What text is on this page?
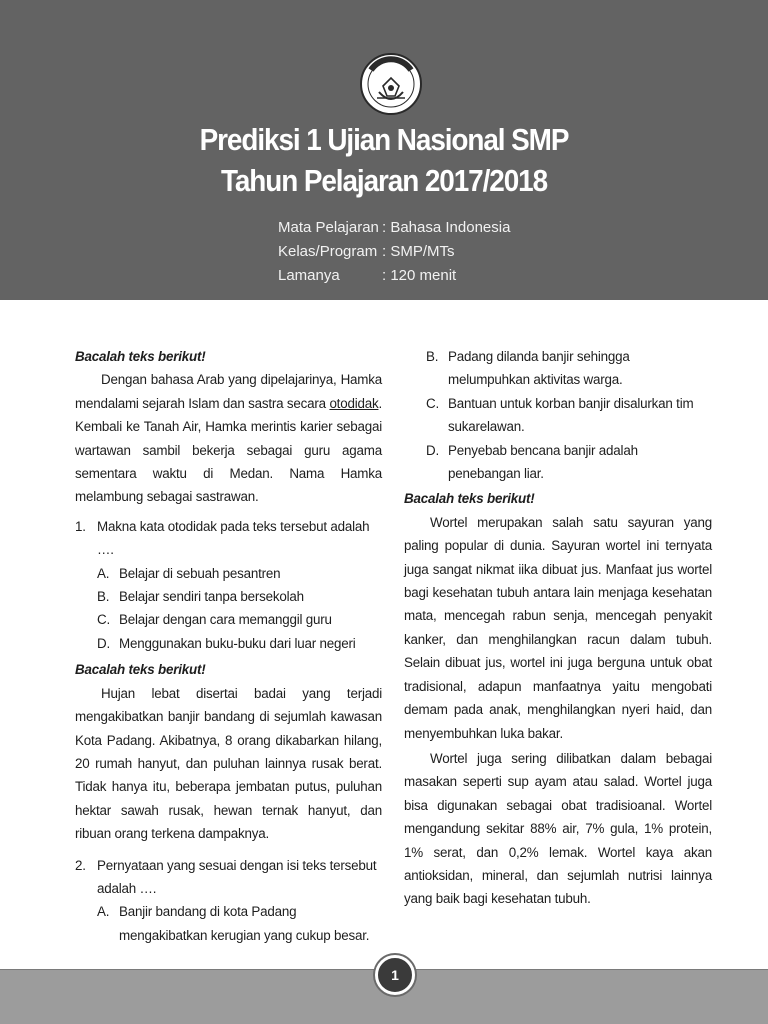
Prediksi 1 Ujian Nasional SMP
Tahun Pelajaran 2017/2018
Mata Pelajaran : Bahasa Indonesia
Kelas/Program : SMP/MTs
Lamanya	: 120 menit
Bacalah teks berikut!
Dengan bahasa Arab yang dipelajarinya, Hamka mendalami sejarah Islam dan sastra secara otodidak. Kembali ke Tanah Air, Hamka merintis karier sebagai wartawan sambil bekerja sebagai guru agama sementara waktu di Medan. Nama Hamka melambung sebagai sastrawan.
1. Makna kata otodidak pada teks tersebut adalah ….
A. Belajar di sebuah pesantren
B. Belajar sendiri tanpa bersekolah
C. Belajar dengan cara memanggil guru
D. Menggunakan buku-buku dari luar negeri
Bacalah teks berikut!
Hujan lebat disertai badai yang terjadi mengakibatkan banjir bandang di sejumlah kawasan Kota Padang. Akibatnya, 8 orang dikabarkan hilang, 20 rumah hanyut, dan puluhan lainnya rusak berat. Tidak hanya itu, beberapa jembatan putus, puluhan hektar sawah rusak, hewan ternak hanyut, dan ribuan orang terkena dampaknya.
2. Pernyataan yang sesuai dengan isi teks tersebut adalah ….
A. Banjir bandang di kota Padang mengakibatkan kerugian yang cukup besar.
B. Padang dilanda banjir sehingga melumpuhkan aktivitas warga.
C. Bantuan untuk korban banjir disalurkan tim sukarelawan.
D. Penyebab bencana banjir adalah penebangan liar.
Bacalah teks berikut!
Wortel merupakan salah satu sayuran yang paling popular di dunia. Sayuran wortel ini ternyata juga sangat nikmat iika dibuat jus. Manfaat jus wortel bagi kesehatan tubuh antara lain menjaga kesehatan mata, mencegah rabun senja, mencegah penyakit kanker, dan menghilangkan racun dalam tubuh. Selain dibuat jus, wortel ini juga berguna untuk obat tradisional, adapun manfaatnya yaitu mengobati demam pada anak, menghilangkan nyeri haid, dan menyembuhkan luka bakar.
Wortel juga sering dilibatkan dalam bebagai masakan seperti sup ayam atau salad. Wortel juga bisa digunakan sebagai obat tradisioanal. Wortel mengandung sekitar 88% air, 7% gula, 1% protein, 1% serat, dan 0,2% lemak. Wortel kaya akan antioksidan, mineral, dan sejumlah nutrisi lainnya yang baik bagi kesehatan tubuh.
1
